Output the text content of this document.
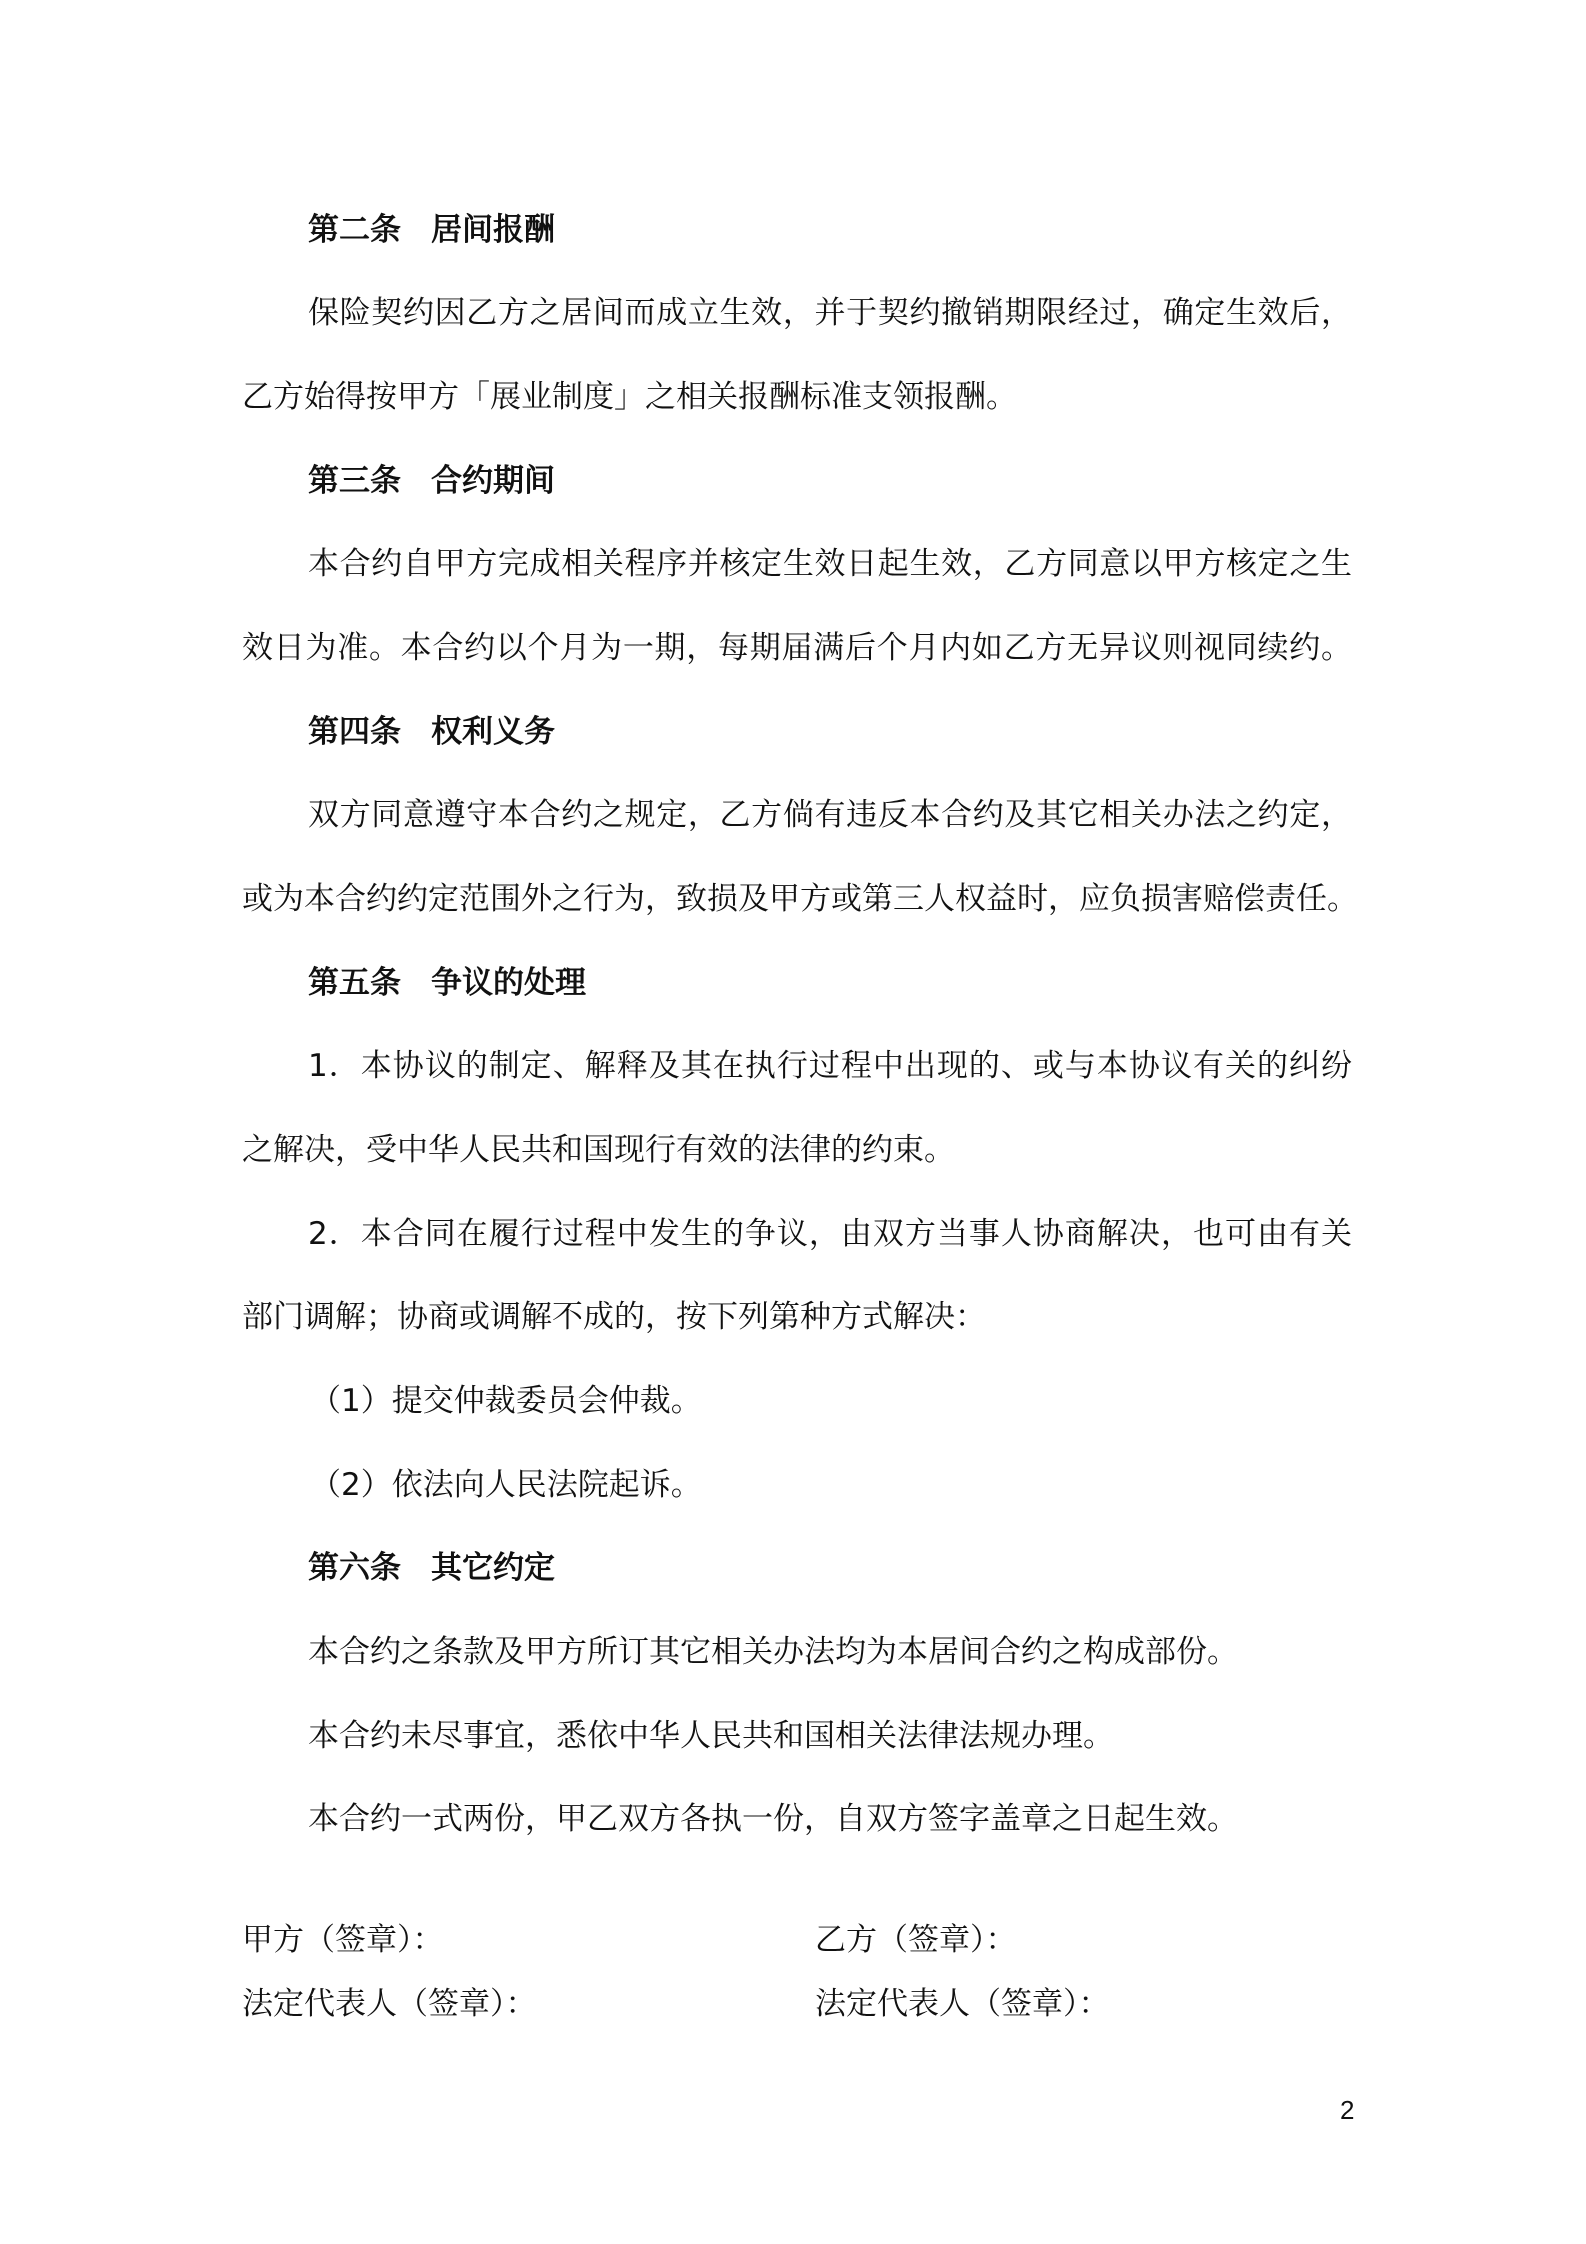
第二条 居间报酬

保险契约因乙方之居间而成立生效，并于契约撤销期限经过，确定生效后，

乙方始得按甲方「展业制度」之相关报酬标准支领报酬。

第三条 合约期间

本合约自甲方完成相关程序并核定生效日起生效，乙方同意以甲方核定之生

效日为准。本合约以个月为一期，每期届满后个月内如乙方无异议则视同续约。

第四条 权利义务

双方同意遵守本合约之规定，乙方倘有违反本合约及其它相关办法之约定，

或为本合约约定范围外之行为，致损及甲方或第三人权益时，应负损害赔偿责任。

第五条 争议的处理

1．本协议的制定、解释及其在执行过程中出现的、或与本协议有关的纠纷

之解决，受中华人民共和国现行有效的法律的约束。

2．本合同在履行过程中发生的争议，由双方当事人协商解决，也可由有关

部门调解；协商或调解不成的，按下列第种方式解决：

（1）提交仲裁委员会仲裁。

（2）依法向人民法院起诉。

第六条 其它约定

本合约之条款及甲方所订其它相关办法均为本居间合约之构成部份。

本合约未尽事宜，悉依中华人民共和国相关法律法规办理。

本合约一式两份，甲乙双方各执一份，自双方签字盖章之日起生效。

甲方（签章）：	乙方（签章）：

法定代表人（签章）：	法定代表人（签章）：

2
